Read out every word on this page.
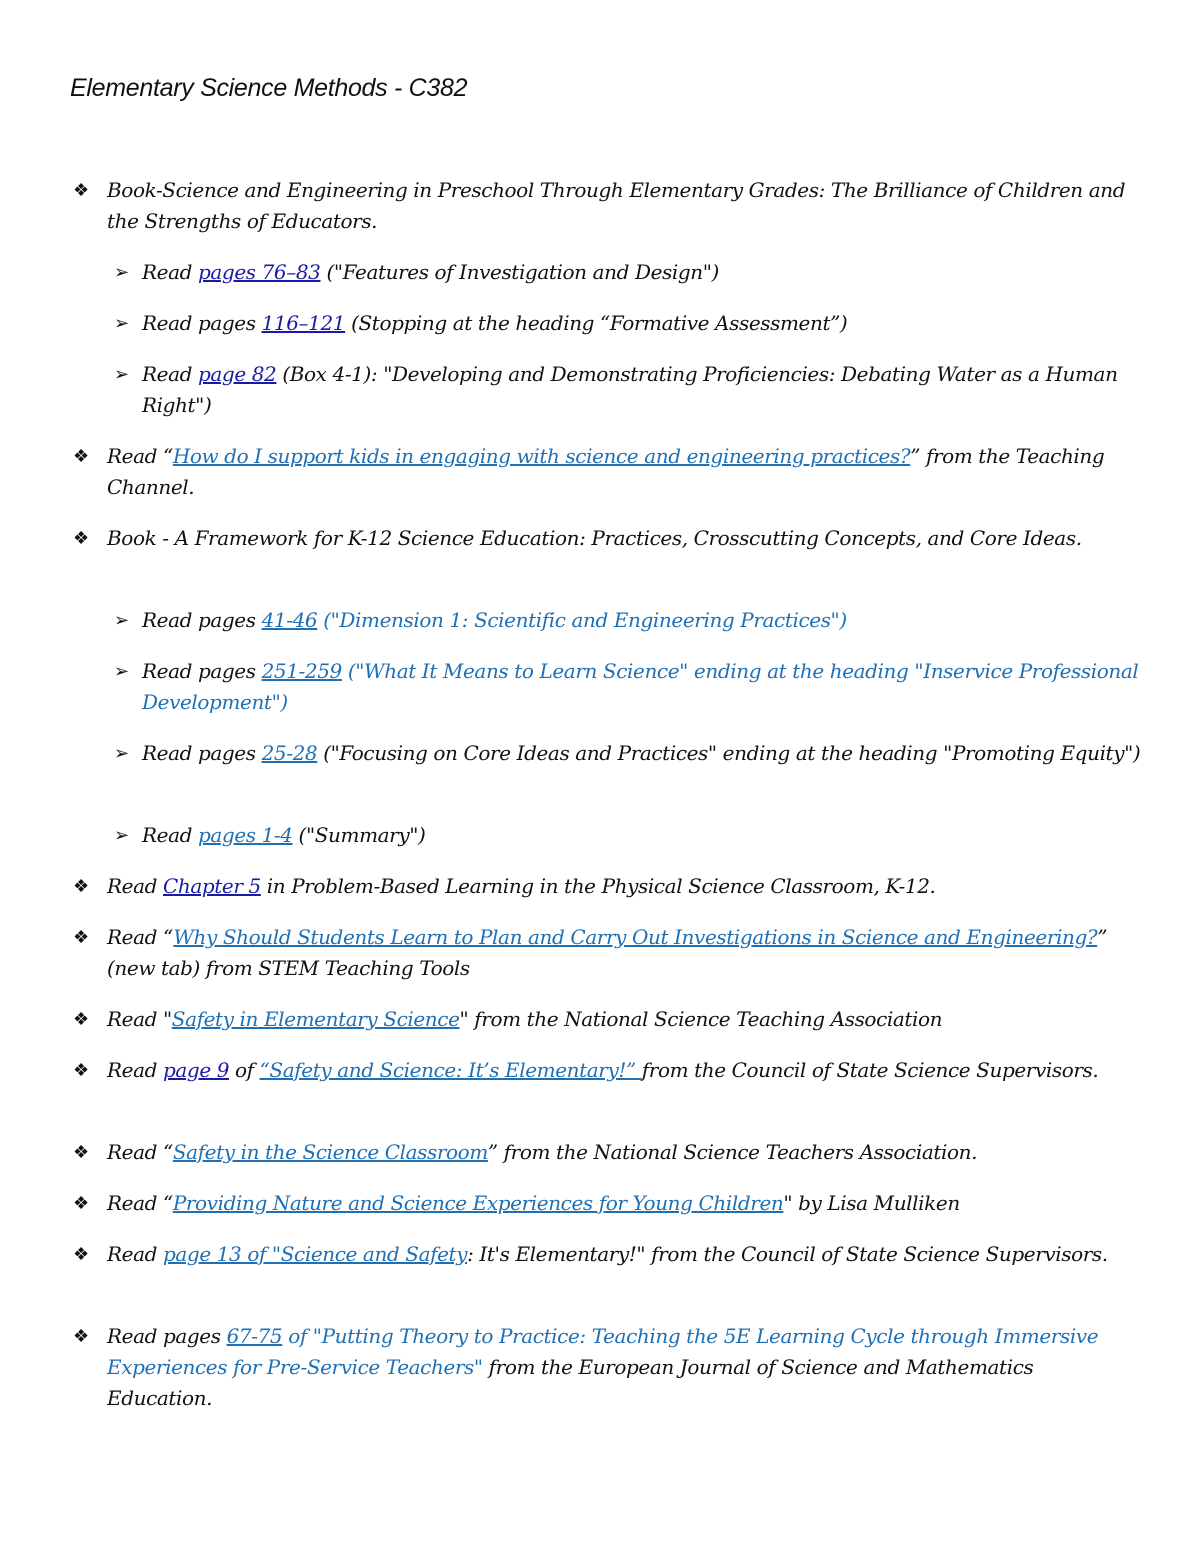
Elementary Science Methods - C382
❖ Book-Science and Engineering in Preschool Through Elementary Grades: The Brilliance of Children and the Strengths of Educators.
➢ Read pages 76–83 ("Features of Investigation and Design")
➢ Read pages 116–121 (Stopping at the heading “Formative Assessment”)
➢ Read page 82 (Box 4-1): "Developing and Demonstrating Proficiencies: Debating Water as a Human Right")
❖ Read “How do I support kids in engaging with science and engineering practices?” from the Teaching Channel.
❖ Book - A Framework for K-12 Science Education: Practices, Crosscutting Concepts, and Core Ideas.
➢ Read pages 41-46 ("Dimension 1: Scientific and Engineering Practices")
➢ Read pages 251-259 ("What It Means to Learn Science" ending at the heading "Inservice Professional Development")
➢ Read pages 25-28 ("Focusing on Core Ideas and Practices" ending at the heading "Promoting Equity")
➢ Read pages 1-4 ("Summary")
❖ Read Chapter 5 in Problem-Based Learning in the Physical Science Classroom, K-12.
❖ Read “Why Should Students Learn to Plan and Carry Out Investigations in Science and Engineering?” (new tab) from STEM Teaching Tools
❖ Read "Safety in Elementary Science" from the National Science Teaching Association
❖ Read page 9 of “Safety and Science: It’s Elementary!” from the Council of State Science Supervisors.
❖ Read “Safety in the Science Classroom” from the National Science Teachers Association.
❖ Read “Providing Nature and Science Experiences for Young Children" by Lisa Mulliken
❖ Read page 13 of "Science and Safety: It's Elementary!" from the Council of State Science Supervisors.
❖ Read pages 67-75 of "Putting Theory to Practice: Teaching the 5E Learning Cycle through Immersive Experiences for Pre-Service Teachers" from the European Journal of Science and Mathematics Education.
